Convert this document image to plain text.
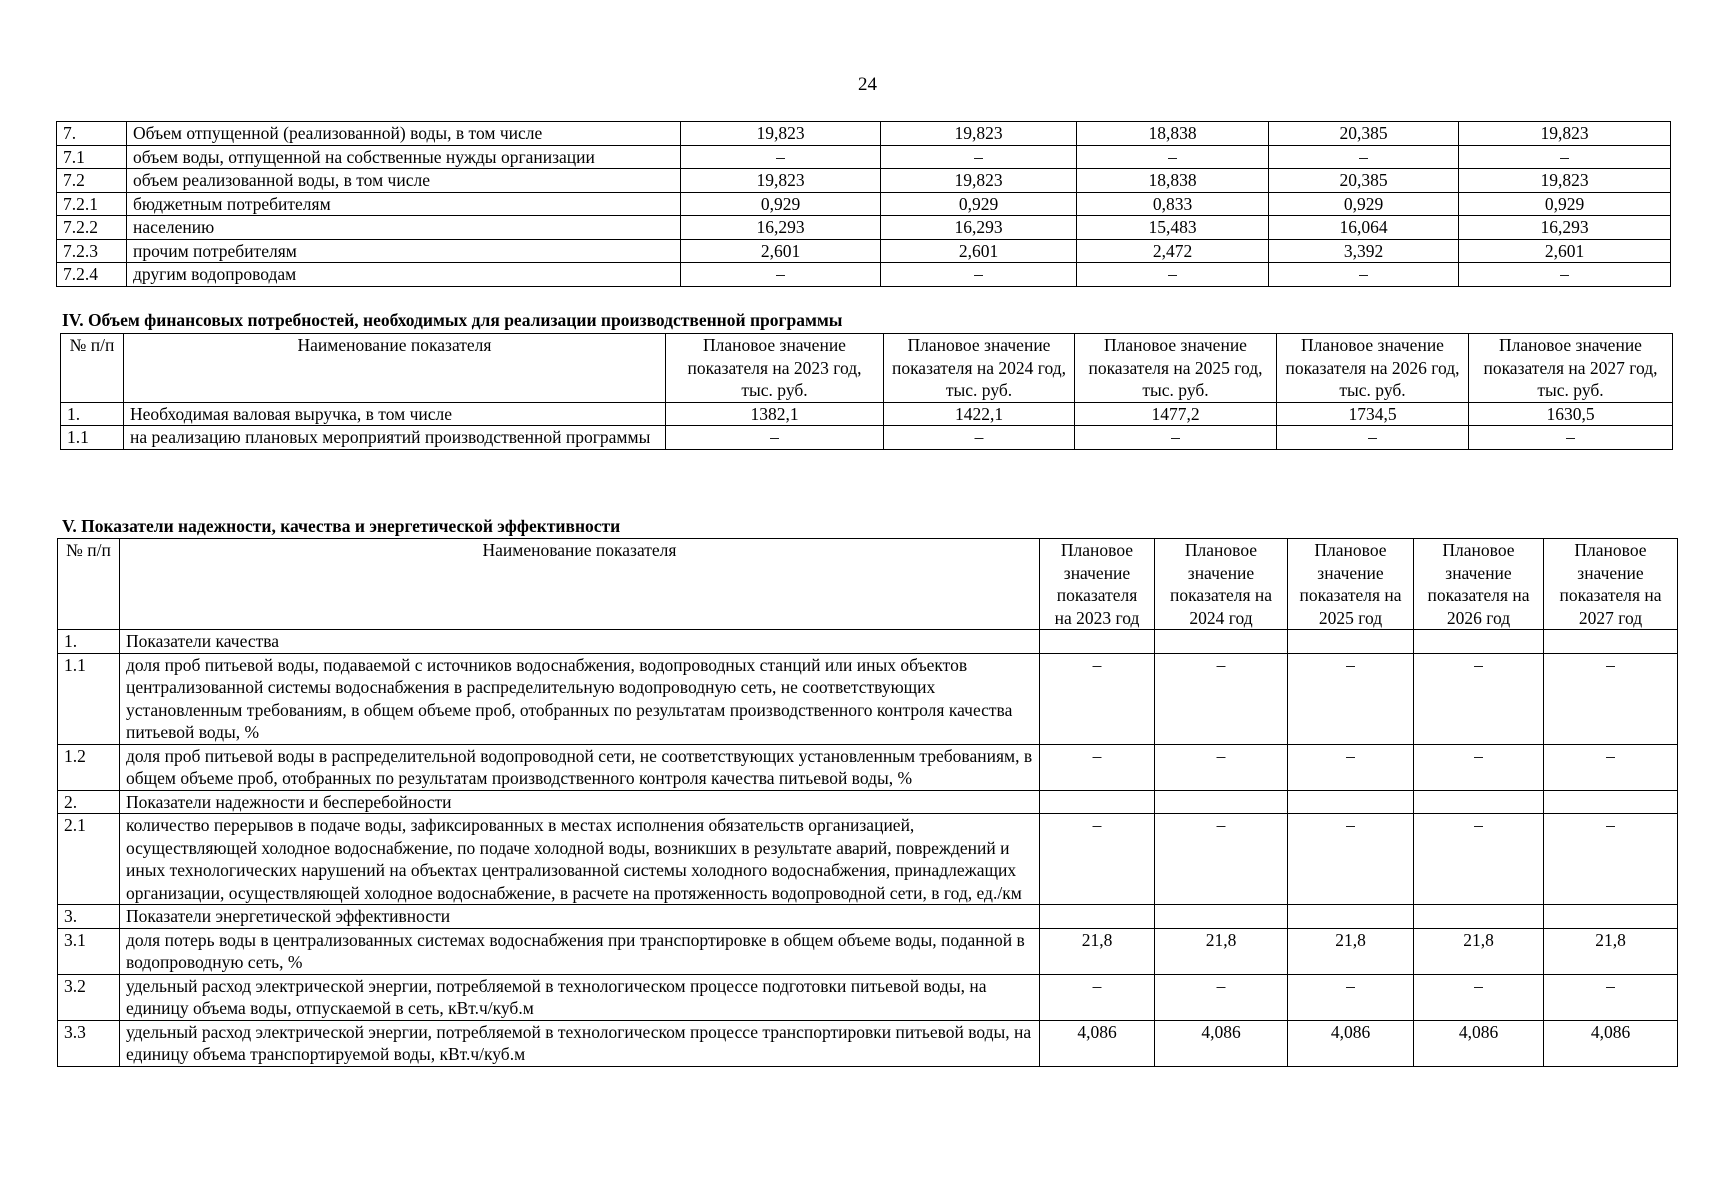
24
7.	Объем отпущенной (реализованной) воды, в том числе	19,823	19,823	18,838	20,385	19,823
7.1	объем воды, отпущенной на собственные нужды организации	–	–	–	–	–
7.2	объем реализованной воды, в том числе	19,823	19,823	18,838	20,385	19,823
7.2.1	бюджетным потребителям	0,929	0,929	0,833	0,929	0,929
7.2.2	населению	16,293	16,293	15,483	16,064	16,293
7.2.3	прочим потребителям	2,601	2,601	2,472	3,392	2,601
7.2.4	другим водопроводам	–	–	–	–	–
IV. Объем финансовых потребностей, необходимых для реализации производственной программы
№ п/п	Наименование показателя	Плановое значение показателя на 2023 год, тыс. руб.	Плановое значение показателя на 2024 год, тыс. руб.	Плановое значение показателя на 2025 год, тыс. руб.	Плановое значение показателя на 2026 год, тыс. руб.	Плановое значение показателя на 2027 год, тыс. руб.
1.	Необходимая валовая выручка, в том числе	1382,1	1422,1	1477,2	1734,5	1630,5
1.1	на реализацию плановых мероприятий производственной программы	–	–	–	–	–
V. Показатели надежности, качества и энергетической эффективности
№ п/п	Наименование показателя	Плановое значение показателя на 2023 год	Плановое значение показателя на 2024 год	Плановое значение показателя на 2025 год	Плановое значение показателя на 2026 год	Плановое значение показателя на 2027 год
1.	Показатели качества					
1.1	доля проб питьевой воды, подаваемой с источников водоснабжения, водопроводных станций или иных объектов централизованной системы водоснабжения в распределительную водопроводную сеть, не соответствующих установленным требованиям, в общем объеме проб, отобранных по результатам производственного контроля качества питьевой воды, %	–	–	–	–	–
1.2	доля проб питьевой воды в распределительной водопроводной сети, не соответствующих установленным требованиям, в общем объеме проб, отобранных по результатам производственного контроля качества питьевой воды, %	–	–	–	–	–
2.	Показатели надежности и бесперебойности					
2.1	количество перерывов в подаче воды, зафиксированных в местах исполнения обязательств организацией, осуществляющей холодное водоснабжение, по подаче холодной воды, возникших в результате аварий, повреждений и иных технологических нарушений на объектах централизованной системы холодного водоснабжения, принадлежащих организации, осуществляющей холодное водоснабжение, в расчете на протяженность водопроводной сети, в год, ед./км	–	–	–	–	–
3.	Показатели энергетической эффективности					
3.1	доля потерь воды в централизованных системах водоснабжения при транспортировке в общем объеме воды, поданной в водопроводную сеть, %	21,8	21,8	21,8	21,8	21,8
3.2	удельный расход электрической энергии, потребляемой в технологическом процессе подготовки питьевой воды, на единицу объема воды, отпускаемой в сеть, кВт.ч/куб.м	–	–	–	–	–
3.3	удельный расход электрической энергии, потребляемой в технологическом процессе транспортировки питьевой воды, на единицу объема транспортируемой воды, кВт.ч/куб.м	4,086	4,086	4,086	4,086	4,086
